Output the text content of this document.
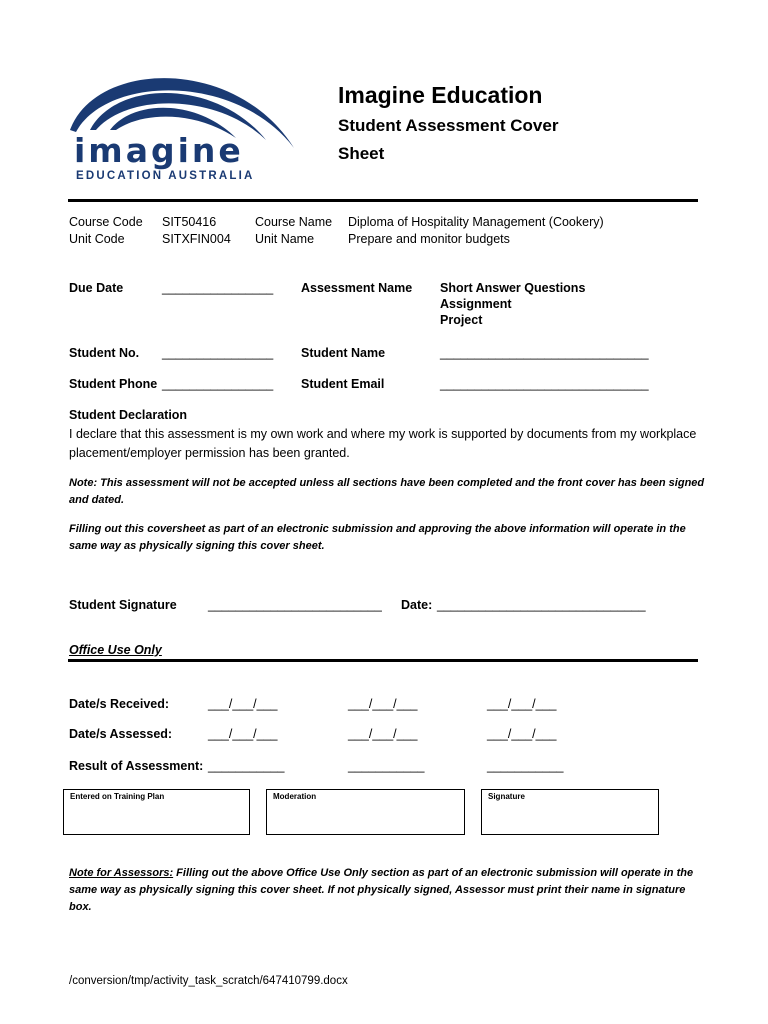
imagine
EDUCATION AUSTRALIA
Imagine Education
Student Assessment Cover
Sheet
Course Code SIT50416	Course Name Diploma of Hospitality Management (Cookery)
Unit Code	SITXFIN004 Unit Name	Prepare and monitor budgets
Due Date	________________ Assessment Name Short Answer Questions
Assignment
Project
Student No. ________________ Student Name	______________________________
Student Phone ________________ Student Email	______________________________
Student Declaration
I declare that this assessment is my own work and where my work is supported by documents from my workplace placement/employer permission has been granted.
Note: This assessment will not be accepted unless all sections have been completed and the front cover has been signed and dated.
Filling out this coversheet as part of an electronic submission and approving the above information will operate in the same way as physically signing this cover sheet.
Student Signature	_________________________ Date: ______________________________
Office Use Only
Date/s Received:	___/___/___	___/___/___	___/___/___
Date/s Assessed:	___/___/___	___/___/___	___/___/___
Result of Assessment: ___________	___________	___________
Entered on Training Plan	Moderation	Signature
Note for Assessors: Filling out the above Office Use Only section as part of an electronic submission will operate in the same way as physically signing this cover sheet. If not physically signed, Assessor must print their name in signature box.
/conversion/tmp/activity_task_scratch/647410799.docx
